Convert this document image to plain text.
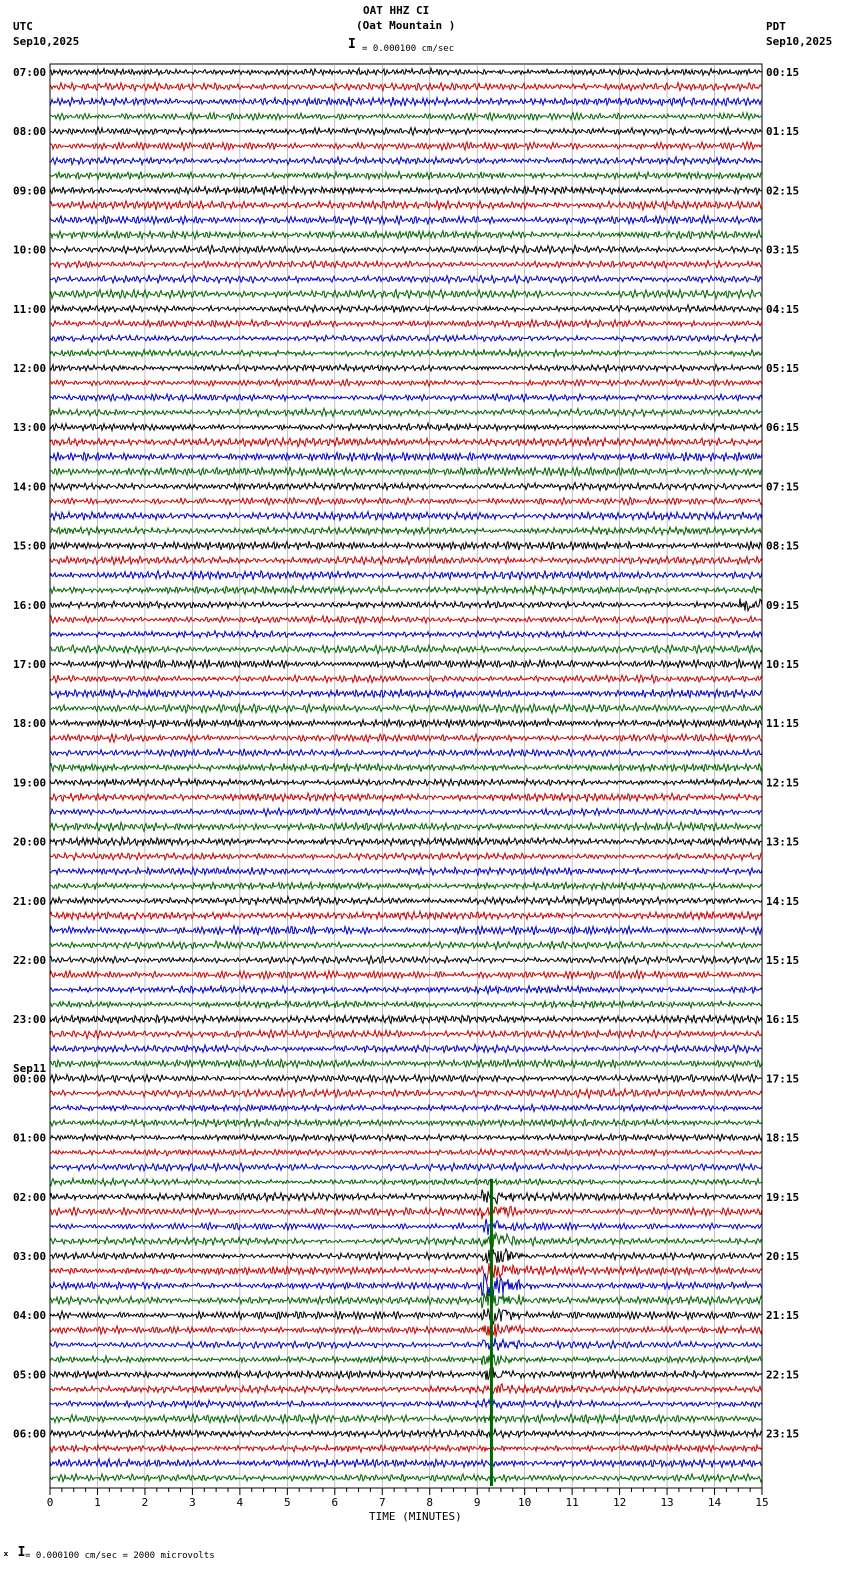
OAT HHZ CI
(Oat Mountain )
I = 0.000100 cm/sec
UTC
Sep10,2025
PDT
Sep10,2025
Sep11
07:00
08:00
09:00
10:00
11:00
12:00
13:00
14:00
15:00
16:00
17:00
18:00
19:00
20:00
21:00
22:00
23:00
00:00
01:00
02:00
03:00
04:00
05:00
06:00
00:15
01:15
02:15
03:15
04:15
05:15
06:15
07:15
08:15
09:15
10:15
11:15
12:15
13:15
14:15
15:15
16:15
17:15
18:15
19:15
20:15
21:15
22:15
23:15
0	1	2	3	4	5	6	7	8	9	10	11	12	13	14	15
TIME (MINUTES)
ₓ I = 0.000100 cm/sec = 2000 microvolts
